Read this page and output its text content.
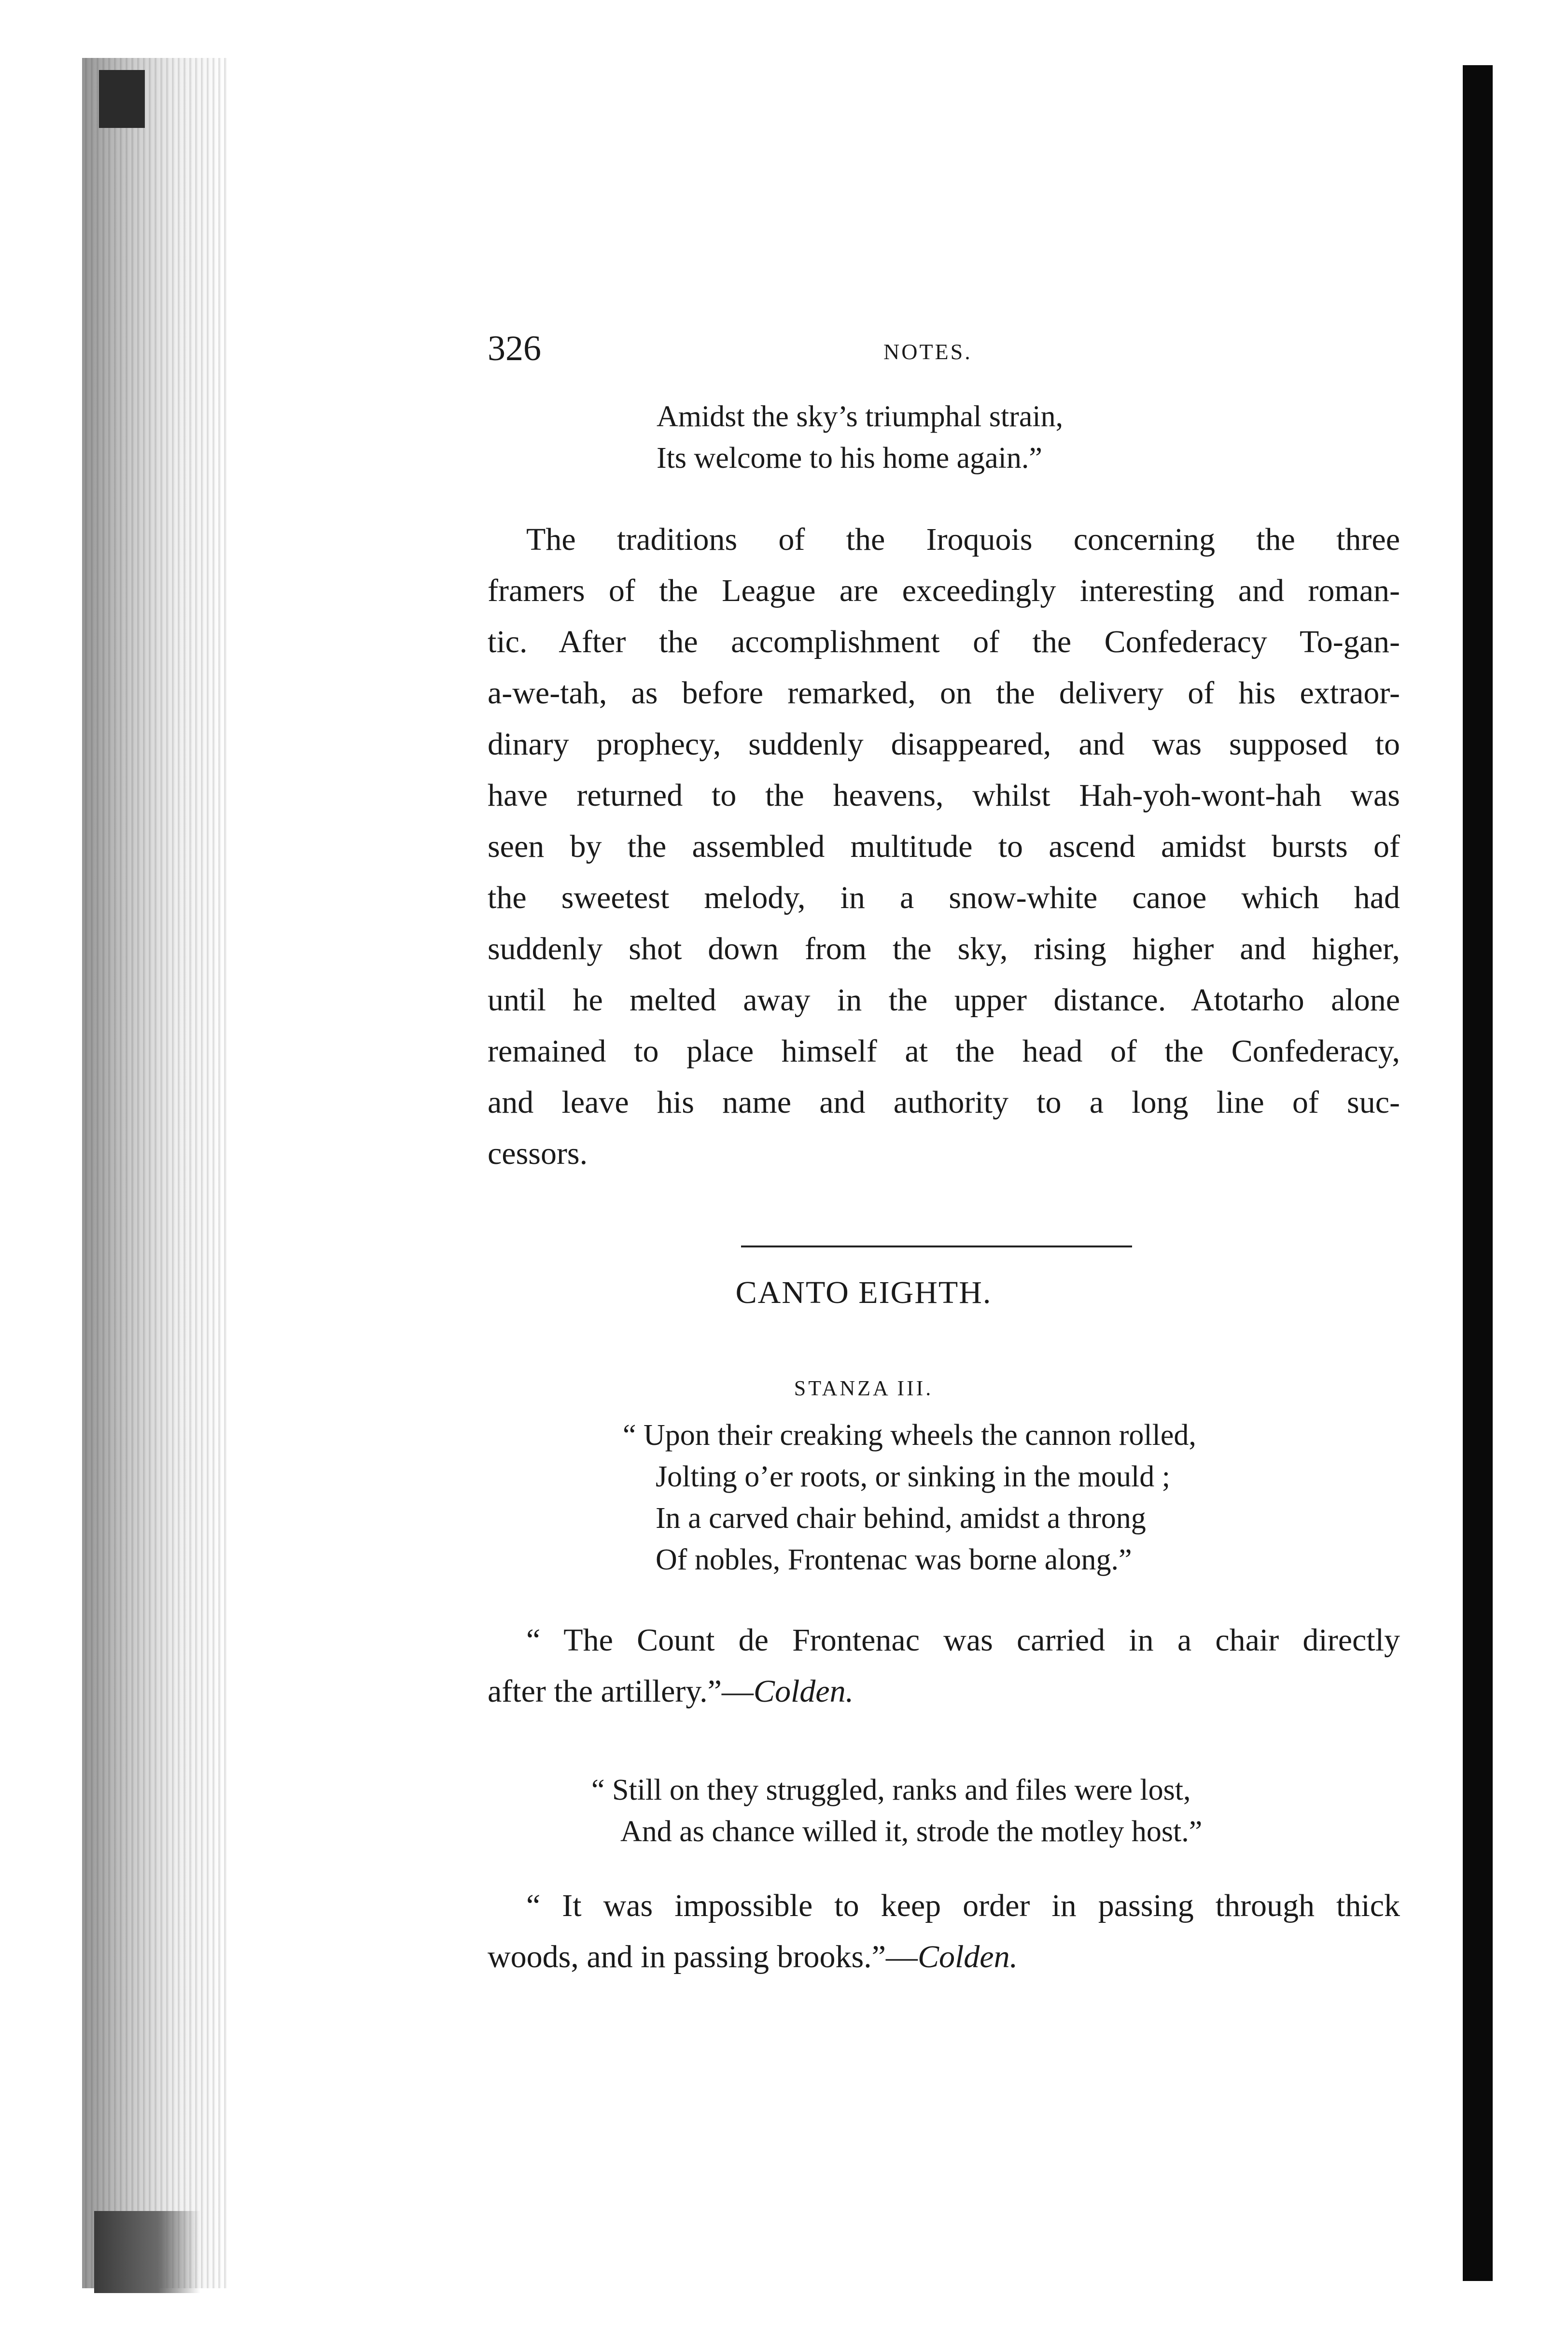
326	NOTES.
Amidst the sky’s triumphal strain,
Its welcome to his home again.”
The traditions of the Iroquois concerning the three
framers of the League are exceedingly interesting and roman-
tic. After the accomplishment of the Confederacy To-gan-
a-we-tah, as before remarked, on the delivery of his extraor-
dinary prophecy, suddenly disappeared, and was supposed to
have returned to the heavens, whilst Hah-yoh-wont-hah was
seen by the assembled multitude to ascend amidst bursts of
the sweetest melody, in a snow-white canoe which had
suddenly shot down from the sky, rising higher and higher,
until he melted away in the upper distance. Atotarho alone
remained to place himself at the head of the Confederacy,
and leave his name and authority to a long line of suc-
cessors.
CANTO EIGHTH.
STANZA III.
“ Upon their creaking wheels the cannon rolled,
Jolting o’er roots, or sinking in the mould ;
In a carved chair behind, amidst a throng
Of nobles, Frontenac was borne along.”
“ The Count de Frontenac was carried in a chair directly
after the artillery.”—Colden.
“ Still on they struggled, ranks and files were lost,
And as chance willed it, strode the motley host.”
“ It was impossible to keep order in passing through thick
woods, and in passing brooks.”—Colden.
